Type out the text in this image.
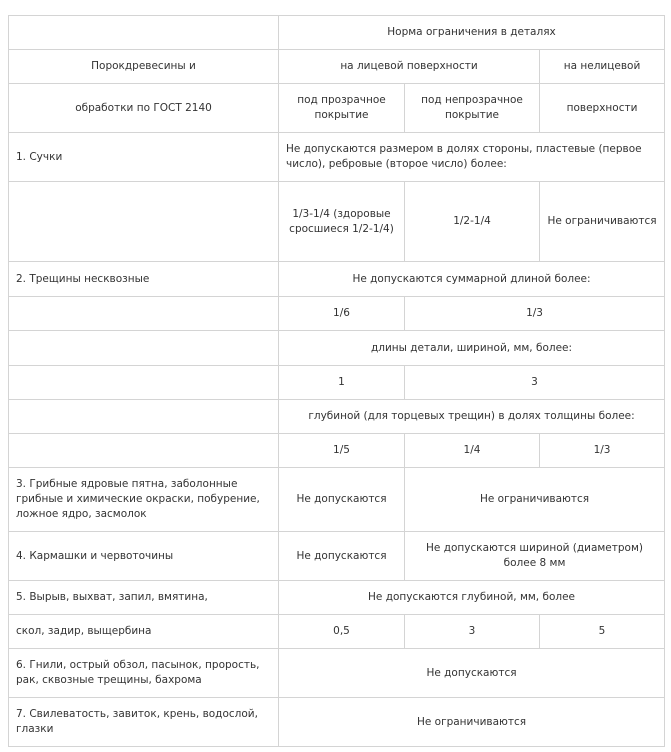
	Норма ограничения в деталях		
Порокдревесины и	на лицевой поверхности		на нелицевой
обработки по ГОСТ 2140	под прозрачное покрытие	под непрозрачное покрытие	поверхности
1. Сучки	Не допускаются размером в долях стороны, пластевые (первое число), ребровые (второе число) более:		
	1/3-1/4 (здоровые сросшиеся 1/2-1/4)	1/2-1/4	Не ограничиваются
2. Трещины несквозные	Не допускаются суммарной длиной более:		
	1/6	1/3	
	длины детали, шириной, мм, более:		
	1	3	
	глубиной (для торцевых трещин) в долях толщины более:		
	1/5	1/4	1/3
3. Грибные ядровые пятна, заболонные грибные и химические окраски, побурение, ложное ядро, засмолок	Не допускаются	Не ограничиваются	
4. Кармашки и червоточины	Не допускаются	Не допускаются шириной (диаметром) более 8 мм	
5. Вырыв, выхват, запил, вмятина,	Не допускаются глубиной, мм, более		
скол, задир, выщербина	0,5	3	5
6. Гнили, острый обзол, пасынок, прорость, рак, сквозные трещины, бахрома	Не допускаются		
7. Свилеватость, завиток, крень, водослой, глазки	Не ограничиваются		
